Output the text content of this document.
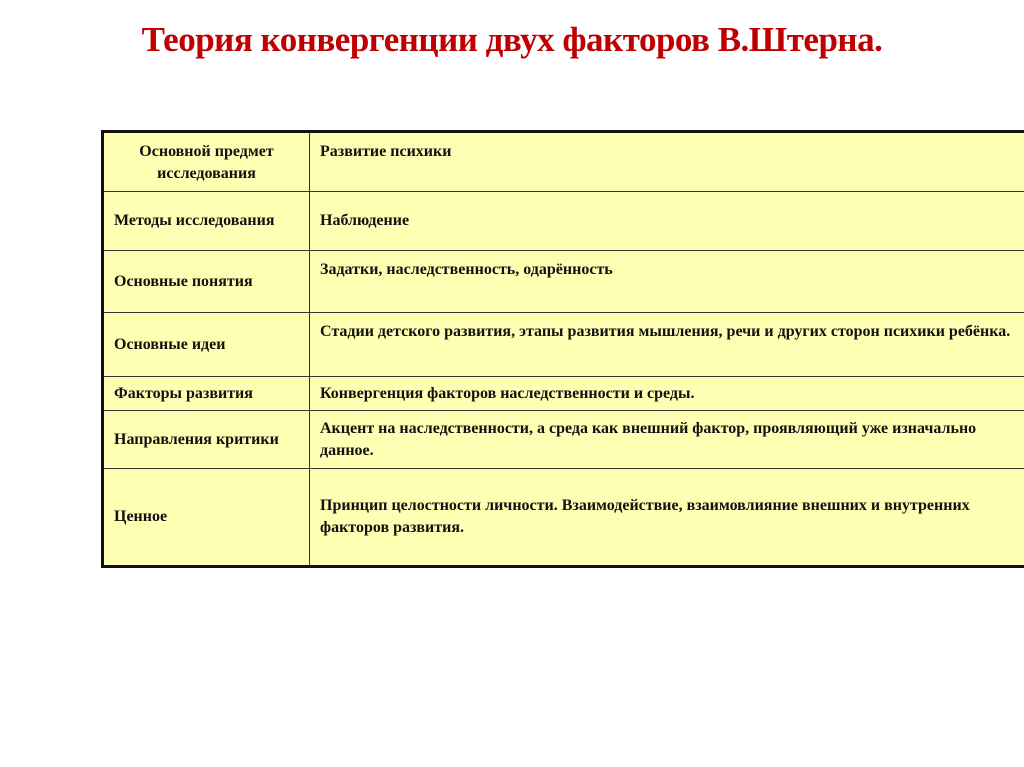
Теория конвергенции двух факторов В.Штерна.
Основной предмет исследования	Развитие психики
Методы исследования	Наблюдение
Основные понятия	Задатки, наследственность, одарённость
Основные идеи	Стадии детского развития, этапы развития мышления, речи и других сторон психики ребёнка.
Факторы развития	Конвергенция факторов наследственности и среды.
Направления критики	Акцент на наследственности, а среда как внешний фактор, проявляющий уже изначально данное.
Ценное	Принцип целостности личности. Взаимодействие, взаимовлияние внешних и внутренних факторов развития.
